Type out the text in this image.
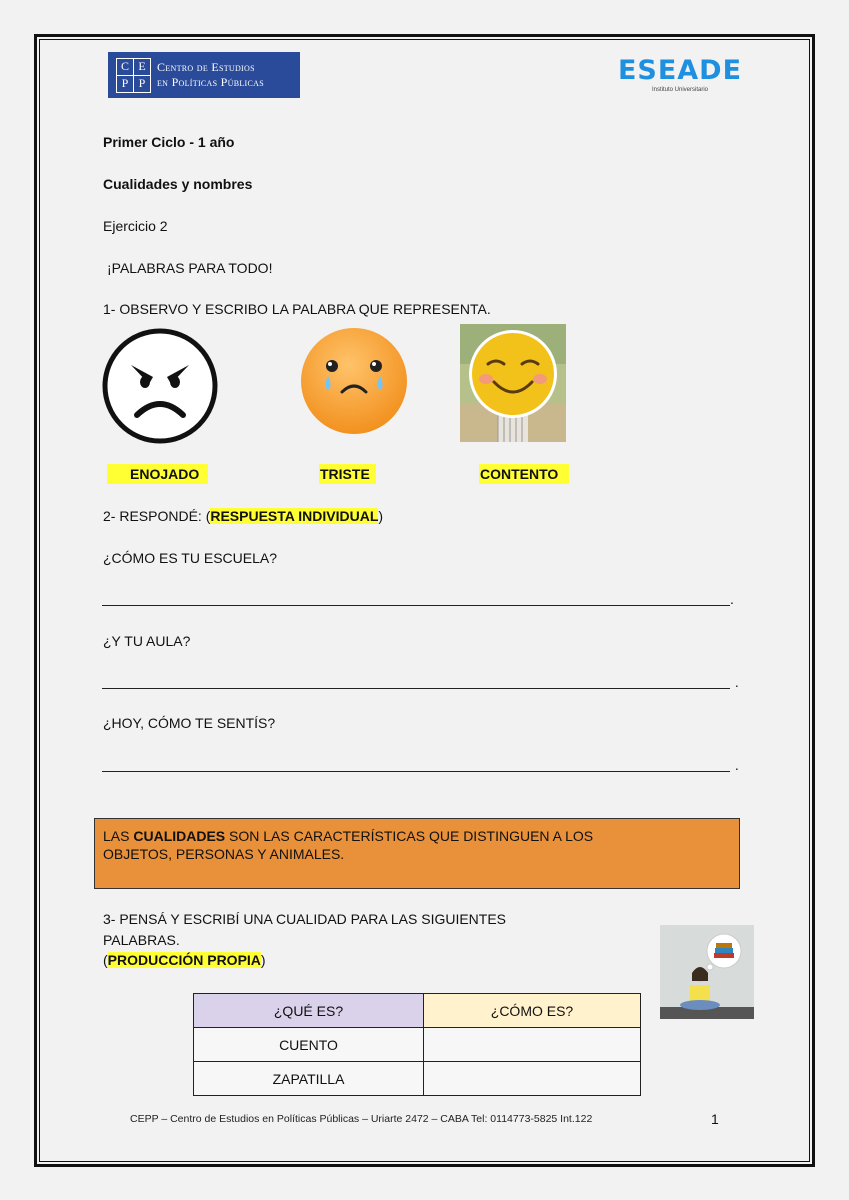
C E
P P
Centro de Estudios
en Políticas Públicas	ESEADE
Instituto Universitario
Primer Ciclo - 1 año
Cualidades y nombres
Ejercicio 2
¡PALABRAS PARA TODO!
1- OBSERVO Y ESCRIBO LA PALABRA QUE REPRESENTA.
ENOJADO	TRISTE	CONTENTO
2- RESPONDÉ: (RESPUESTA INDIVIDUAL)
¿CÓMO ES TU ESCUELA?
.
¿Y TU AULA?
.
¿HOY, CÓMO TE SENTÍS?
.
LAS CUALIDADES SON LAS CARACTERÍSTICAS QUE DISTINGUEN A LOS
OBJETOS, PERSONAS Y ANIMALES.
3- PENSÁ Y ESCRIBÍ UNA CUALIDAD PARA LAS SIGUIENTES
PALABRAS.
(PRODUCCIÓN PROPIA)
¿QUÉ ES?	¿CÓMO ES?
CUENTO	
ZAPATILLA	
CEPP – Centro de Estudios en Políticas Públicas – Uriarte 2472 – CABA Tel: 0114773-5825 Int.122	1
